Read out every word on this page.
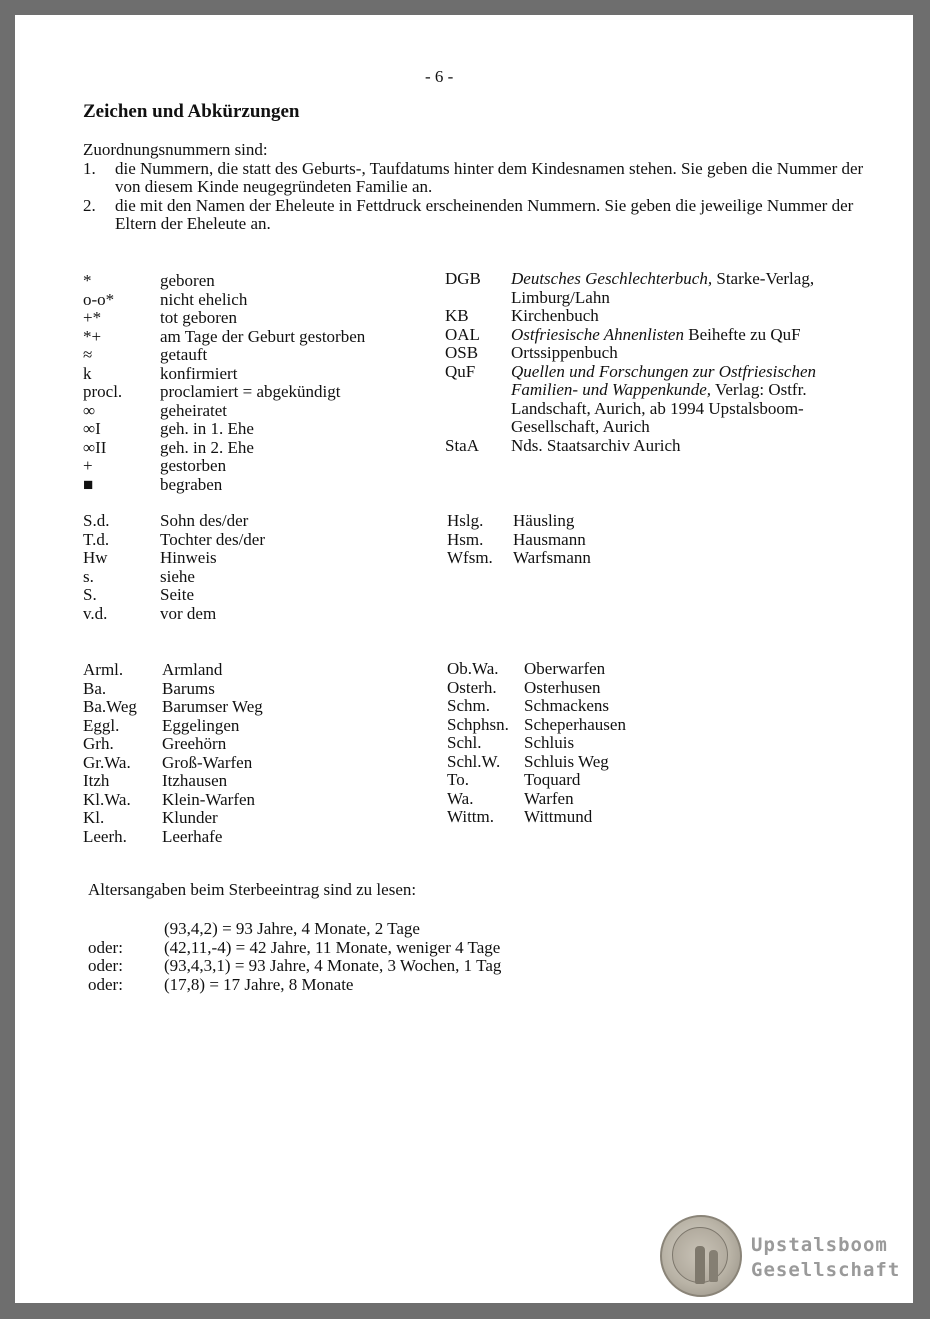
- 6 -
Zeichen und Abkürzungen
Zuordnungsnummern sind:
1. die Nummern, die statt des Geburts-, Taufdatums hinter dem Kindesnamen stehen. Sie geben die Nummer der von diesem Kinde neugegründeten Familie an.
2. die mit den Namen der Eheleute in Fettdruck erscheinenden Nummern. Sie geben die jeweilige Nummer der Eltern der Eheleute an.
*	geboren
o-o*	nicht ehelich
+*	tot geboren
*+	am Tage der Geburt gestorben
≈	getauft
k	konfirmiert
procl.	proclamiert = abgekündigt
∞	geheiratet
∞I	geh. in 1. Ehe
∞II	geh. in 2. Ehe
+	gestorben
■	begraben
DGB	Deutsches Geschlechterbuch, Starke-Verlag,
Limburg/Lahn
KB	Kirchenbuch
OAL	Ostfriesische Ahnenlisten Beihefte zu QuF
OSB	Ortssippenbuch
QuF	Quellen und Forschungen zur Ostfriesischen
Familien- und Wappenkunde, Verlag: Ostfr.
Landschaft, Aurich, ab 1994 Upstalsboom-
Gesellschaft, Aurich
StaA	Nds. Staatsarchiv Aurich
S.d.	Sohn des/der
T.d.	Tochter des/der
Hw	Hinweis
s.	siehe
S.	Seite
v.d.	vor dem
Hslg.	Häusling
Hsm.	Hausmann
Wfsm.	Warfsmann
Arml.	Armland
Ba.	Barums
Ba.Weg	Barumser Weg
Eggl.	Eggelingen
Grh.	Greehörn
Gr.Wa.	Groß-Warfen
Itzh	Itzhausen
Kl.Wa.	Klein-Warfen
Kl.	Klunder
Leerh.	Leerhafe
Ob.Wa.	Oberwarfen
Osterh.	Osterhusen
Schm.	Schmackens
Schphsn. Scheperhausen
Schl.	Schluis
Schl.W.	Schluis Weg
To.	Toquard
Wa.	Warfen
Wittm.	Wittmund
Altersangaben beim Sterbeeintrag sind zu lesen:
(93,4,2) = 93 Jahre, 4 Monate, 2 Tage
oder:	(42,11,-4) = 42 Jahre, 11 Monate, weniger 4 Tage
oder:	(93,4,3,1) = 93 Jahre, 4 Monate, 3 Wochen, 1 Tag
oder:	(17,8) = 17 Jahre, 8 Monate
Upstalsboom
Gesellschaft
